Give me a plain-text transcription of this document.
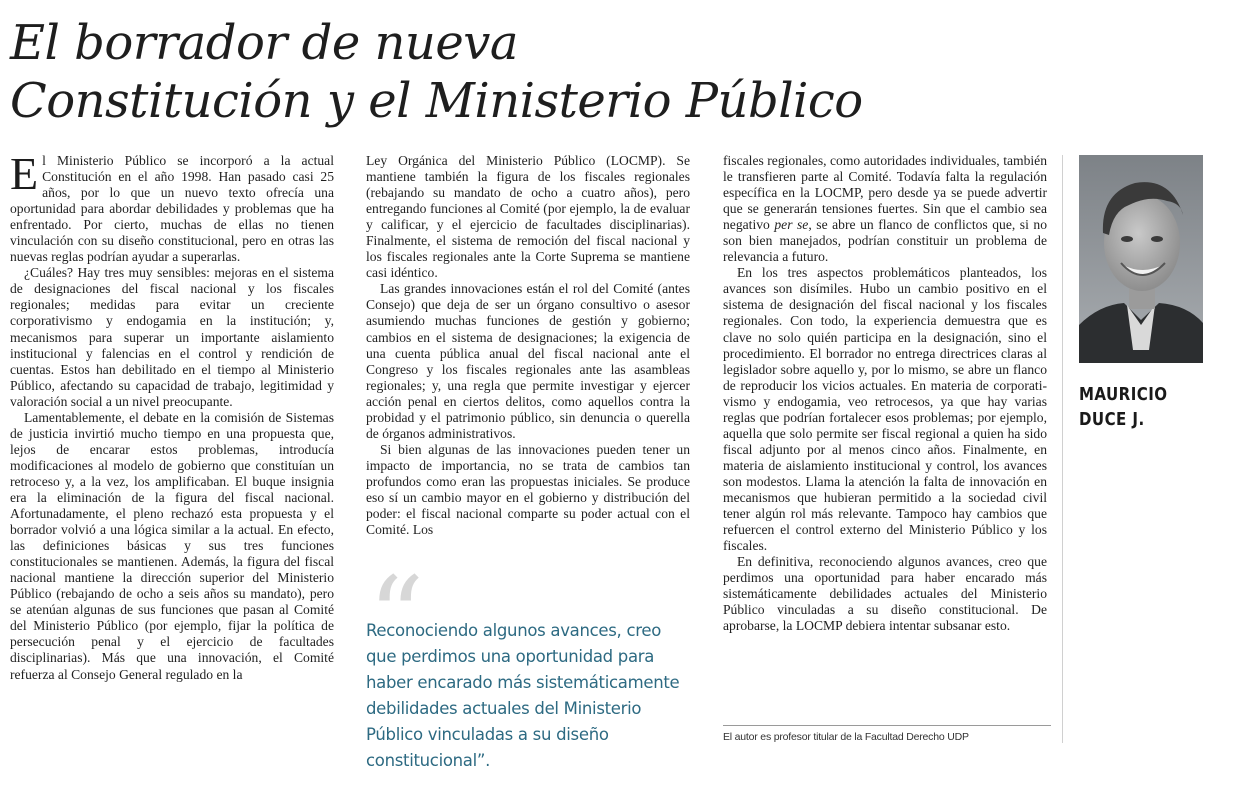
El borrador de nueva
Constitución y el Ministerio Público

El Ministerio Público se incorporó a la actual Constitución en el año 1998. Han pasado casi 25 años, por lo que un nuevo texto ofrecía una oportunidad para abordar debilidades y problemas que ha enfrentado. Por cierto, muchas de ellas no tienen vinculación con su diseño constitucional, pero en otras las nuevas reglas podrían ayudar a superarlas.

¿Cuáles? Hay tres muy sensibles: mejoras en el sistema de designaciones del fiscal nacional y los fiscales regionales; medidas para evitar un creciente corporativismo y endogamia en la institución; y, mecanismos para superar un importante aislamiento institucional y falencias en el control y rendición de cuentas. Estos han debilitado en el tiempo al Ministerio Público, afectando su capacidad de trabajo, legitimidad y valoración social a un nivel preocupante.

Lamentablemente, el debate en la comisión de Sistemas de justicia invirtió mucho tiempo en una propuesta que, lejos de encarar estos problemas, introducía modificaciones al modelo de gobierno que constituían un retroceso y, a la vez, los amplificaban. El buque insignia era la eliminación de la figura del fiscal nacional. Afortunadamente, el pleno rechazó esta propuesta y el borrador volvió a una lógica similar a la actual. En efecto, las definiciones básicas y sus tres funciones constitucionales se mantienen. Además, la figura del fiscal nacional mantiene la dirección superior del Ministerio Público (rebajando de ocho a seis años su mandato), pero se atenúan algunas de sus funciones que pasan al Comité del Ministerio Público (por ejemplo, fijar la política de persecución penal y el ejercicio de facultades disciplinarias). Más que una innovación, el Comité refuerza al Consejo General regulado en la

Ley Orgánica del Ministerio Público (LOCMP). Se mantiene también la figura de los fiscales regionales (rebajando su mandato de ocho a cuatro años), pero entregando funciones al Comité (por ejemplo, la de evaluar y calificar, y el ejercicio de facultades disciplinarias). Finalmente, el sistema de remoción del fiscal nacional y los fiscales regionales ante la Corte Suprema se mantiene casi idéntico.

Las grandes innovaciones están el rol del Comité (antes Consejo) que deja de ser un órgano consultivo o asesor asumiendo muchas funciones de gestión y gobierno; cambios en el sistema de designaciones; la exigencia de una cuenta pública anual del fiscal nacional ante el Congreso y los fiscales regionales ante las asambleas regionales; y, una regla que permite investigar y ejercer acción penal en ciertos delitos, como aquellos contra la probidad y el patrimonio público, sin denuncia o querella de órganos administrativos.

Si bien algunas de las innovaciones pueden tener un impacto de importancia, no se trata de cambios tan profundos como eran las propuestas iniciales. Se produce eso sí un cambio mayor en el gobierno y distribución del poder: el fiscal nacional comparte su poder actual con el Comité. Los

“

Reconociendo algunos avances, creo que perdimos una oportunidad para haber encarado más sistemáticamente debilidades actuales del Ministerio Público vinculadas a su diseño constitucional”.

fiscales regionales, como autoridades individuales, también le transfieren parte al Comité. Todavía falta la regulación específica en la LOCMP, pero desde ya se puede advertir que se generarán tensiones fuertes. Sin que el cambio sea negativo per se, se abre un flanco de conflictos que, si no son bien manejados, podrían constituir un problema de relevancia a futuro.

En los tres aspectos problemáticos planteados, los avances son disímiles. Hubo un cambio positivo en el sistema de designación del fiscal nacional y los fiscales regionales. Con todo, la experiencia demuestra que es clave no solo quién participa en la designación, sino el procedimiento. El borrador no entrega directrices claras al legislador sobre aquello y, por lo mismo, se abre un flanco de reproducir los vicios actuales. En materia de corporativismo y endogamia, veo retrocesos, ya que hay varias reglas que podrían fortalecer esos problemas; por ejemplo, aquella que solo permite ser fiscal regional a quien ha sido fiscal adjunto por al menos cinco años. Finalmente, en materia de aislamiento institucional y control, los avances son modestos. Llama la atención la falta de innovación en mecanismos que hubieran permitido a la sociedad civil tener algún rol más relevante. Tampoco hay cambios que refuercen el control externo del Ministerio Público y los fiscales.

En definitiva, reconociendo algunos avances, creo que perdimos una oportunidad para haber encarado más sistemáticamente debilidades actuales del Ministerio Público vinculadas a su diseño constitucional. De aprobarse, la LOCMP debiera intentar subsanar esto.

El autor es profesor titular de la Facultad Derecho UDP
MAURICIO
DUCE J.
